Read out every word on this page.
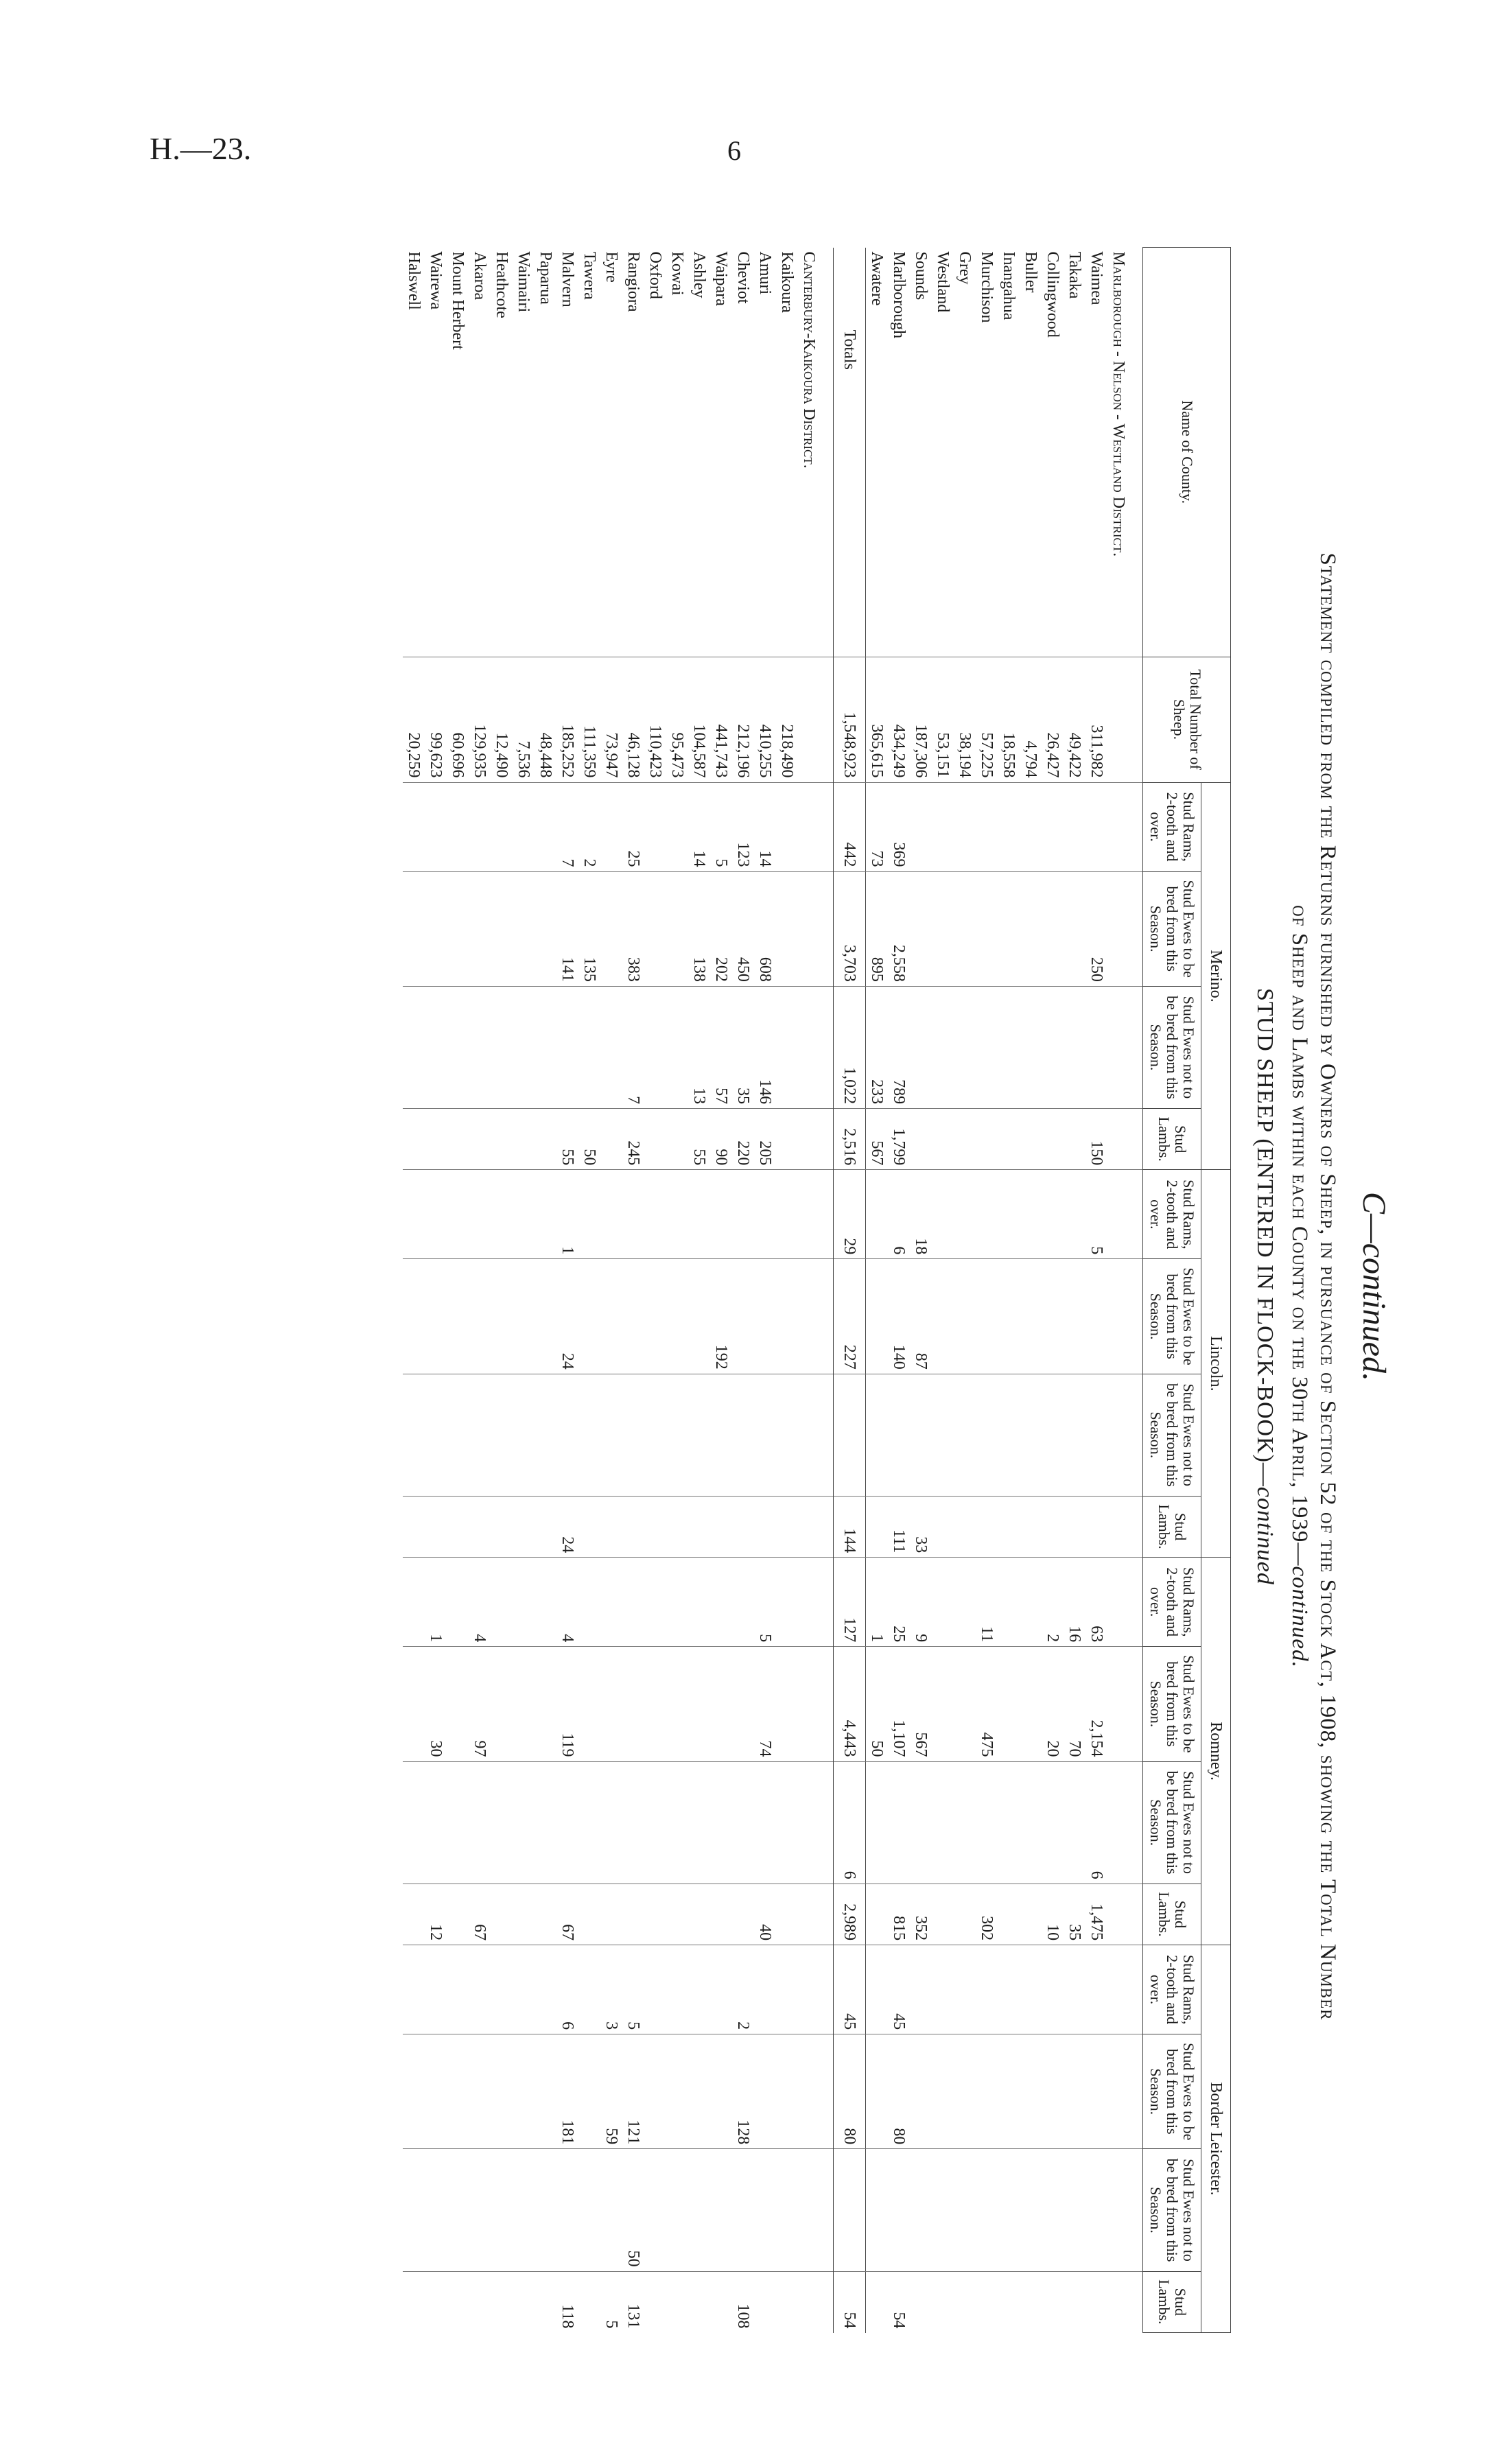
H.—23.	6
C—continued.
Statement compiled from the Returns furnished by Owners of Sheep, in pursuance of Section 52 of the Stock Act, 1908, showing the Total Number
of Sheep and Lambs within each County on the 30th April, 1939—continued.
STUD SHEEP (ENTERED IN FLOCK-BOOK)—continued
Name of County.	Total Number of Sheep.	Merino.				Lincoln.				Romney.				Border Leicester.			
		Stud Rams, 2-tooth and over.	Stud Ewes to be bred from this Season.	Stud Ewes not to be bred from this Season.	Stud Lambs.	Stud Rams, 2-tooth and over.	Stud Ewes to be bred from this Season.	Stud Ewes not to be bred from this Season.	Stud Lambs.	Stud Rams, 2-tooth and over.	Stud Ewes to be bred from this Season.	Stud Ewes not to be bred from this Season.	Stud Lambs.	Stud Rams, 2-tooth and over.	Stud Ewes to be bred from this Season.	Stud Ewes not to be bred from this Season.	Stud Lambs.
Marlborough - Nelson - Westland District.																	
Waimea	311,982		250		150	5				63	2,154	6	1,475				
Takaka	49,422									16	70		35				
Collingwood	26,427									2	20		10				
Buller	4,794																
Inangahua	18,558																
Murchison	57,225									11	475		302				
Grey	38,194																
Westland	53,151																
Sounds	187,306					18	87		33	9	567		352				
Marlborough	434,249	369	2,558	789	1,799	6	140		111	25	1,107		815	45	80		54
Awatere	365,615	73	895	233	567					1	50						
Totals	1,548,923	442	3,703	1,022	2,516	29	227		144	127	4,443	6	2,989	45	80		54
Canterbury-Kaikoura District.																	
Kaikoura	218,490																
Amuri	410,255	14	608	146	205					5	74		40				
Cheviot	212,196	123	450	35	220									2	128		108
Waipara	441,743	5	202	57	90		192										
Ashley	104,587	14	138	13	55												
Kowai	95,473																
Oxford	110,423																
Rangiora	46,128	25	383	7	245									5	121	50	131
Eyre	73,947													3	59		5
Tawera	111,359	2	135		50												
Malvern	185,252	7	141		55	1	24		24	4	119		67	6	181		118
Paparua	48,448																
Waimairi	7,536																
Heathcote	12,490																
Akaroa	129,935									4	97		67				
Mount Herbert	60,696																
Wairewa	99,623									1	30		12				
Halswell	20,259																
